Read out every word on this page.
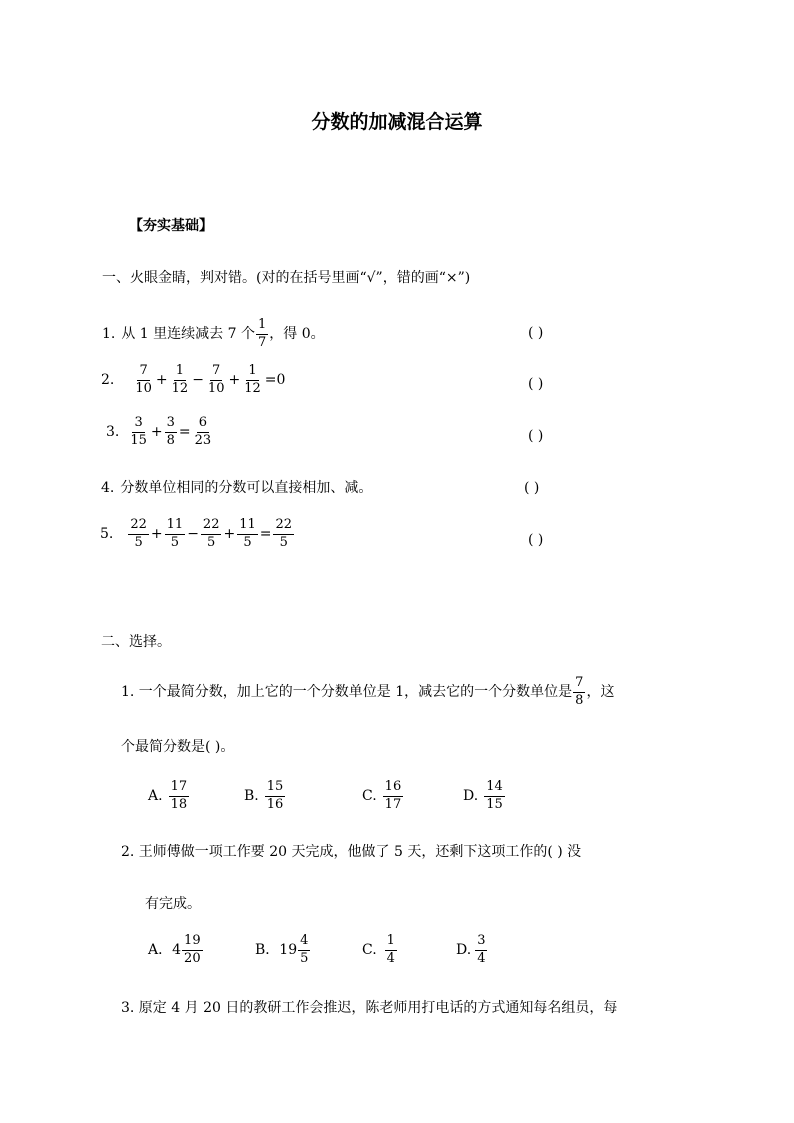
分数的加减混合运算
【夯实基础】
一、火眼金睛，判对错。(对的在括号里画“√”，错的画“×”)
1. 从 1 里连续减去 7 个 $\frac{1}{7}$ ，得 0。	( )
2. $\frac{7}{10} + \frac{1}{12} - \frac{7}{10} + \frac{1}{12} =0$	( )
3. $\frac{3}{15} + \frac{3}{8} = \frac{6}{23}$	( )
4. 分数单位相同的分数可以直接相加、减。	( )
5. $\frac{22}{5} + \frac{11}{5} - \frac{22}{5} + \frac{11}{5} = \frac{22}{5}$	( )
二、选择。
1. 一个最简分数，加上它的一个分数单位是 1，减去它的一个分数单位是 $\frac{7}{8}$ ，这
个最简分数是( )。
A. $\frac{17}{18}$	B. $\frac{15}{16}$	C. $\frac{16}{17}$	D. $\frac{14}{15}$
2. 王师傅做一项工作要 20 天完成，他做了 5 天，还剩下这项工作的( ) 没
有完成。
A． $4 \frac{19}{20}$	B． $19 \frac{4}{5}$	C. $\frac{1}{4}$	D. $\frac{3}{4}$
3. 原定 4 月 20 日的教研工作会推迟，陈老师用打电话的方式通知每名组员，每
